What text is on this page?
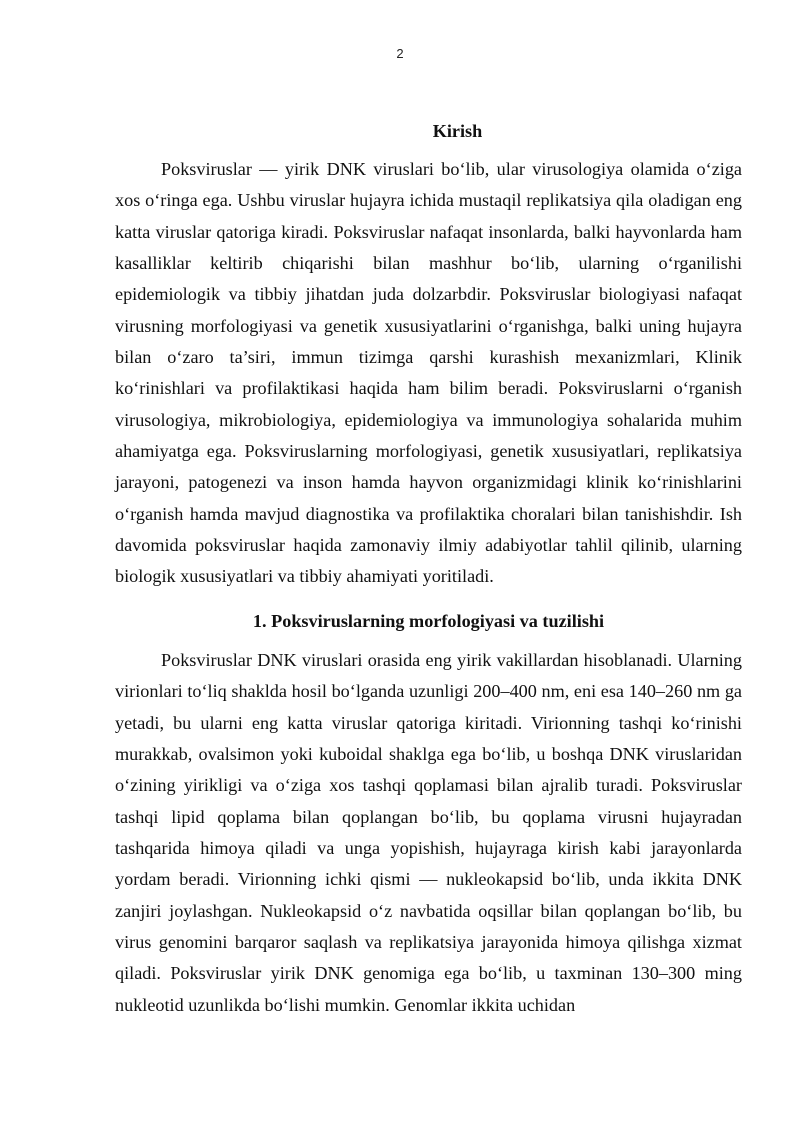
2
Kirish

Poksviruslar — yirik DNK viruslari bo‘lib, ular virusologiya olamida o‘ziga xos o‘ringa ega. Ushbu viruslar hujayra ichida mustaqil replikatsiya qila oladigan eng katta viruslar qatoriga kiradi. Poksviruslar nafaqat insonlarda, balki hayvonlarda ham kasalliklar keltirib chiqarishi bilan mashhur bo‘lib, ularning o‘rganilishi epidemiologik va tibbiy jihatdan juda dolzarbdir. Poksviruslar biologiyasi nafaqat virusning morfologiyasi va genetik xususiyatlarini o‘rganishga, balki uning hujayra bilan o‘zaro ta’siri, immun tizimga qarshi kurashish mexanizmlari, Klinik ko‘rinishlari va profilaktikasi haqida ham bilim beradi. Poksviruslarni o‘rganish virusologiya, mikrobiologiya, epidemiologiya va immunologiya sohalarida muhim ahamiyatga ega. Poksviruslarning morfologiyasi, genetik xususiyatlari, replikatsiya jarayoni, patogenezi va inson hamda hayvon organizmidagi klinik ko‘rinishlarini o‘rganish hamda mavjud diagnostika va profilaktika choralari bilan tanishishdir. Ish davomida poksviruslar haqida zamonaviy ilmiy adabiyotlar tahlil qilinib, ularning biologik xususiyatlari va tibbiy ahamiyati yoritiladi.

1. Poksviruslarning morfologiyasi va tuzilishi

Poksviruslar DNK viruslari orasida eng yirik vakillardan hisoblanadi. Ularning virionlari to‘liq shaklda hosil bo‘lganda uzunligi 200–400 nm, eni esa 140–260 nm ga yetadi, bu ularni eng katta viruslar qatoriga kiritadi. Virionning tashqi ko‘rinishi murakkab, ovalsimon yoki kuboidal shaklga ega bo‘lib, u boshqa DNK viruslaridan o‘zining yirikligi va o‘ziga xos tashqi qoplamasi bilan ajralib turadi. Poksviruslar tashqi lipid qoplama bilan qoplangan bo‘lib, bu qoplama virusni hujayradan tashqarida himoya qiladi va unga yopishish, hujayraga kirish kabi jarayonlarda yordam beradi. Virionning ichki qismi — nukleokapsid bo‘lib, unda ikkita DNK zanjiri joylashgan. Nukleokapsid o‘z navbatida oqsillar bilan qoplangan bo‘lib, bu virus genomini barqaror saqlash va replikatsiya jarayonida himoya qilishga xizmat qiladi. Poksviruslar yirik DNK genomiga ega bo‘lib, u taxminan 130–300 ming nukleotid uzunlikda bo‘lishi mumkin. Genomlar ikkita uchidan
